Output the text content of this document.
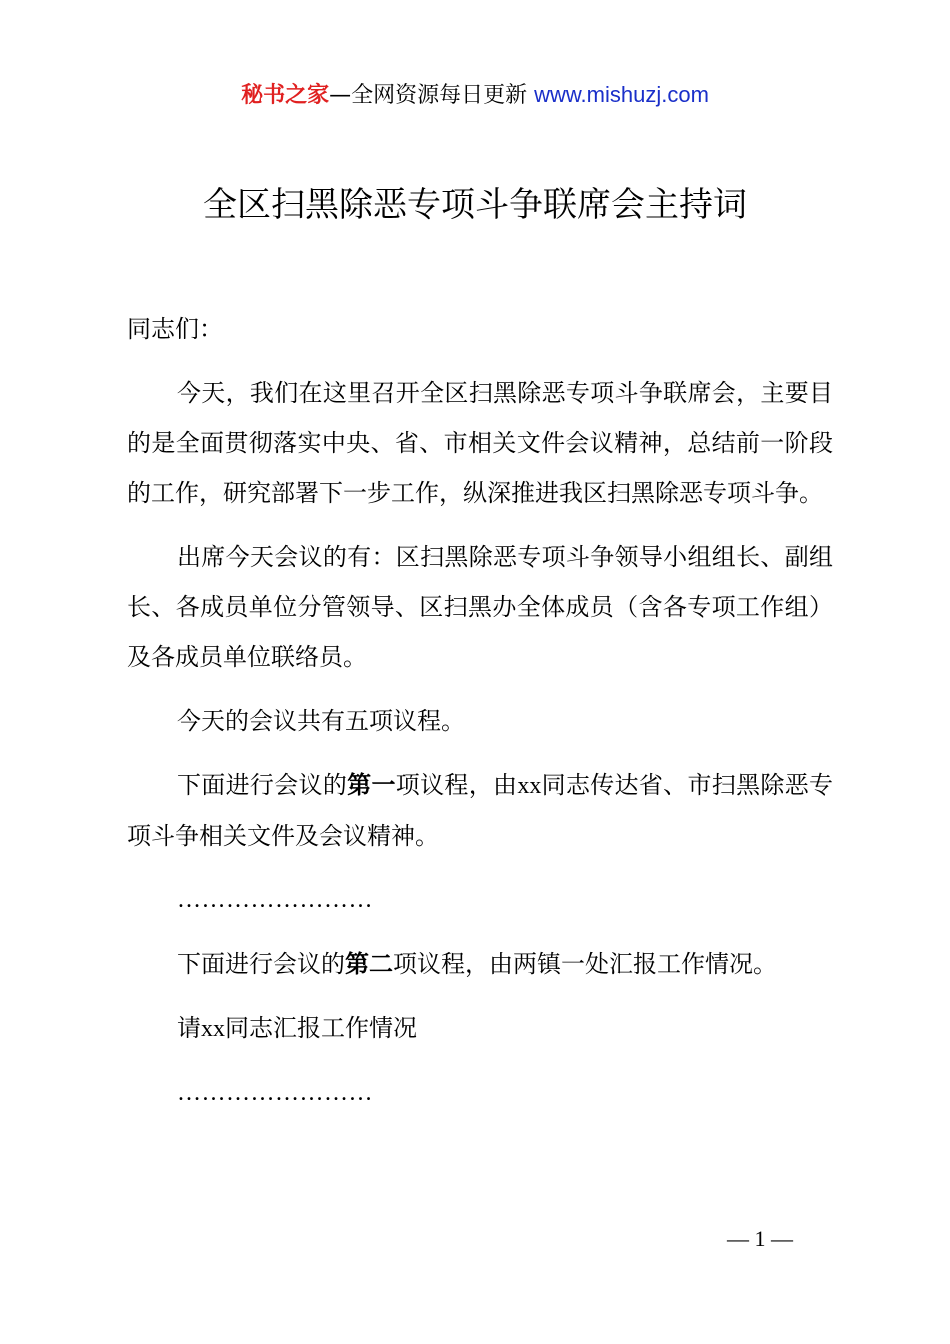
秘书之家—全网资源每日更新 www.mishuzj.com
全区扫黑除恶专项斗争联席会主持词
同志们：
今天，我们在这里召开全区扫黑除恶专项斗争联席会，主要目的是全面贯彻落实中央、省、市相关文件会议精神，总结前一阶段的工作，研究部署下一步工作，纵深推进我区扫黑除恶专项斗争。
出席今天会议的有：区扫黑除恶专项斗争领导小组组长、副组长、各成员单位分管领导、区扫黑办全体成员（含各专项工作组）及各成员单位联络员。
今天的会议共有五项议程。
下面进行会议的第一项议程，由xx同志传达省、市扫黑除恶专项斗争相关文件及会议精神。
……………………
下面进行会议的第二项议程，由两镇一处汇报工作情况。
请xx同志汇报工作情况
……………………
— 1 —
